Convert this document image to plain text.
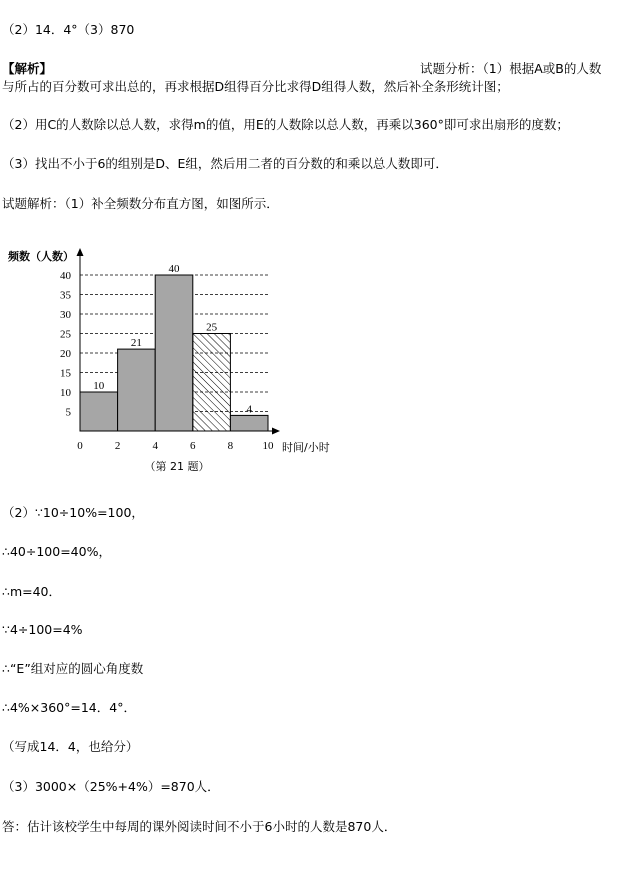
（2）14．4°（3）870
【解析】	试题分析：（1）根据A或B的人数
与所占的百分数可求出总的，再求根据D组得百分比求得D组得人数，然后补全条形统计图；
（2）用C的人数除以总人数，求得m的值，用E的人数除以总人数，再乘以360°即可求出扇形的度数；
（3）找出不小于6的组别是D、E组，然后用二者的百分数的和乘以总人数即可．
试题解析：（1）补全频数分布直方图，如图所示．
5
10
15
20
25
30
35
40
0	2	4	6	8	10
10
21
40
25
4
频数（人数）
时间/小时
（第 21 题）
（2）∵10÷10%=100，
∴40÷100=40%，
∴m=40．
∵4÷100=4%
∴“E”组对应的圆心角度数
∴4%×360°=14．4°．
（写成14．4，也给分）
（3）3000×（25%+4%）=870人．
答：估计该校学生中每周的课外阅读时间不小于6小时的人数是870人．
